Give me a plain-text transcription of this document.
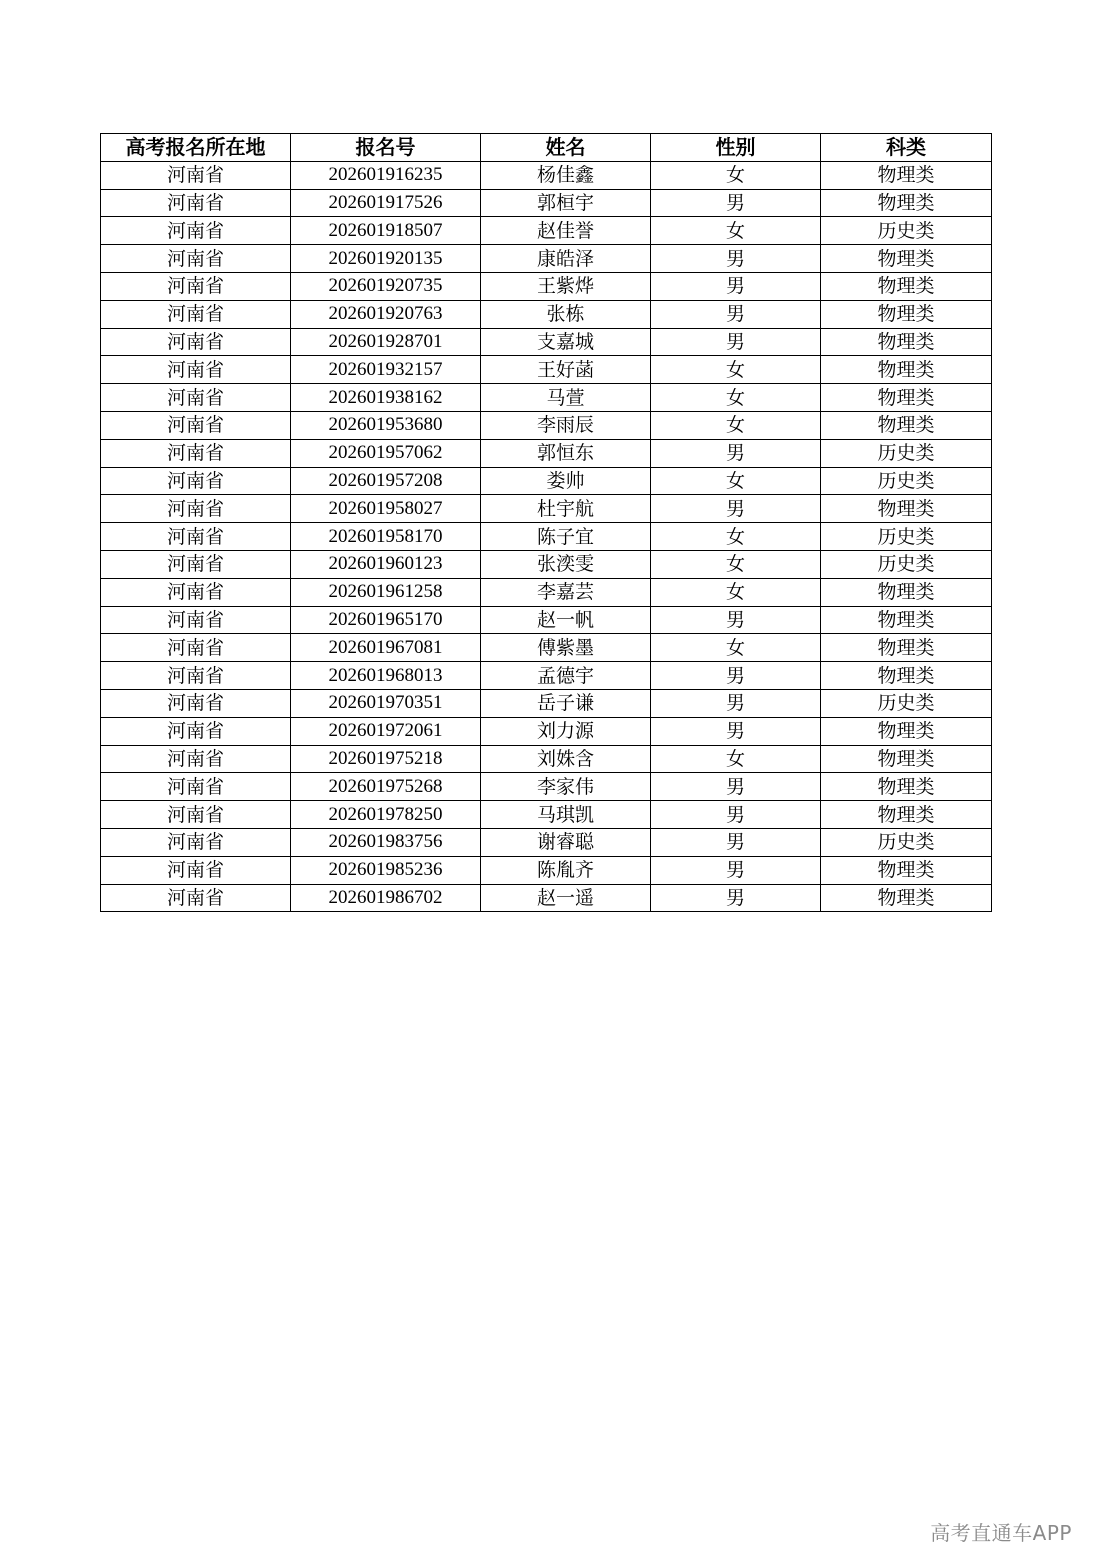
高考报名所在地	报名号	姓名	性别	科类
河南省	202601916235	杨佳鑫	女	物理类
河南省	202601917526	郭桓宇	男	物理类
河南省	202601918507	赵佳誉	女	历史类
河南省	202601920135	康皓泽	男	物理类
河南省	202601920735	王紫烨	男	物理类
河南省	202601920763	张栋	男	物理类
河南省	202601928701	支嘉城	男	物理类
河南省	202601932157	王好菡	女	物理类
河南省	202601938162	马萱	女	物理类
河南省	202601953680	李雨辰	女	物理类
河南省	202601957062	郭恒东	男	历史类
河南省	202601957208	娄帅	女	历史类
河南省	202601958027	杜宇航	男	物理类
河南省	202601958170	陈子宜	女	历史类
河南省	202601960123	张湙雯	女	历史类
河南省	202601961258	李嘉芸	女	物理类
河南省	202601965170	赵一帆	男	物理类
河南省	202601967081	傅紫墨	女	物理类
河南省	202601968013	孟德宇	男	物理类
河南省	202601970351	岳子谦	男	历史类
河南省	202601972061	刘力源	男	物理类
河南省	202601975218	刘姝含	女	物理类
河南省	202601975268	李家伟	男	物理类
河南省	202601978250	马琪凯	男	物理类
河南省	202601983756	谢睿聪	男	历史类
河南省	202601985236	陈胤齐	男	物理类
河南省	202601986702	赵一遥	男	物理类
高考直通车APP
